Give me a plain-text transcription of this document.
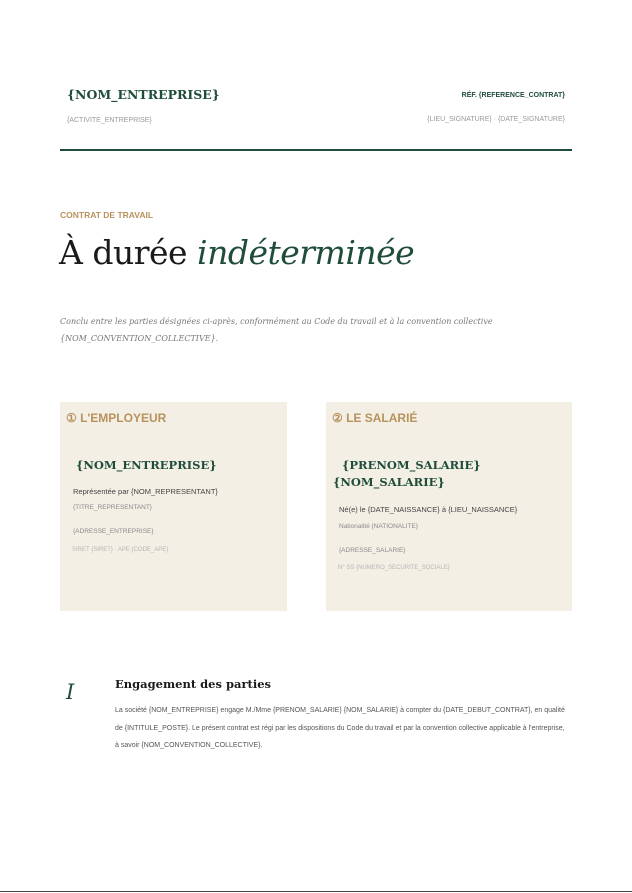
{NOM_ENTREPRISE}
{ACTIVITE_ENTREPRISE}
RÉF. {REFERENCE_CONTRAT}
{LIEU_SIGNATURE} · {DATE_SIGNATURE}
CONTRAT DE TRAVAIL
À durée indéterminée
Conclu entre les parties désignées ci-après, conformément au Code du travail et à la convention collective {NOM_CONVENTION_COLLECTIVE}.
① L'EMPLOYEUR
{NOM_ENTREPRISE}
Représentée par {NOM_REPRESENTANT}
{TITRE_REPRESENTANT}
{ADRESSE_ENTREPRISE}
SIRET {SIRET} · APE {CODE_APE}
② LE SALARIÉ
{PRENOM_SALARIE}
{NOM_SALARIE}
Né(e) le {DATE_NAISSANCE} à {LIEU_NAISSANCE}
Nationalité {NATIONALITE}
{ADRESSE_SALARIE}
N° SS {NUMERO_SECURITE_SOCIALE}
I	Engagement des parties
La société {NOM_ENTREPRISE} engage M./Mme {PRENOM_SALARIE} {NOM_SALARIE} à compter du {DATE_DEBUT_CONTRAT}, en qualité de {INTITULE_POSTE}. Le présent contrat est régi par les dispositions du Code du travail et par la convention collective applicable à l'entreprise, à savoir {NOM_CONVENTION_COLLECTIVE}.
